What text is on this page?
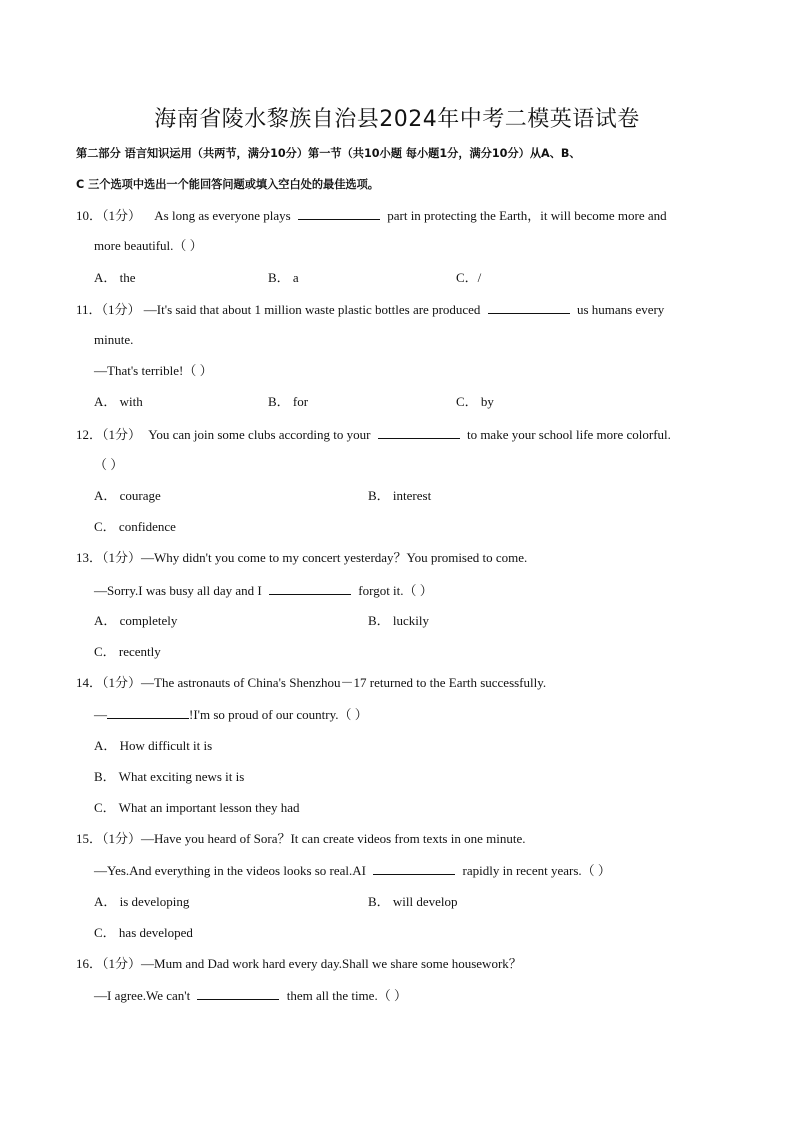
海南省陵水黎族自治县2024年中考二模英语试卷
第二部分 语言知识运用（共两节，满分10分）第一节（共10小题 每小题1分，满分10分）从A、B、
C 三个选项中选出一个能回答问题或填入空白处的最佳选项。
10．（1分） As long as everyone plays	part in protecting the Earth，it will become more and
more beautiful.（ ）
A． the	B． a	C．/
11．（1分） —It's said that about 1 million waste plastic bottles are produced	us humans every
minute.
—That's terrible!（ ）
A． with	B． for	C． by
12．（1分） You can join some clubs according to your	to make your school life more colorful.
（ ）
A． courage	B． interest
C． confidence
13．（1分）—Why didn't you come to my concert yesterday？You promised to come.
—Sorry.I was busy all day and I	forgot it.（ ）
A． completely	B． luckily
C． recently
14．（1分）—The astronauts of China's Shenzhou－17 returned to the Earth successfully.
—	!I'm so proud of our country.（ ）
A． How difficult it is
B． What exciting news it is
C． What an important lesson they had
15．（1分）—Have you heard of Sora？It can create videos from texts in one minute.
—Yes.And everything in the videos looks so real.AI	rapidly in recent years.（ ）
A． is developing	B． will develop
C． has developed
16．（1分）—Mum and Dad work hard every day.Shall we share some housework？
—I agree.We can't	them all the time.（ ）
